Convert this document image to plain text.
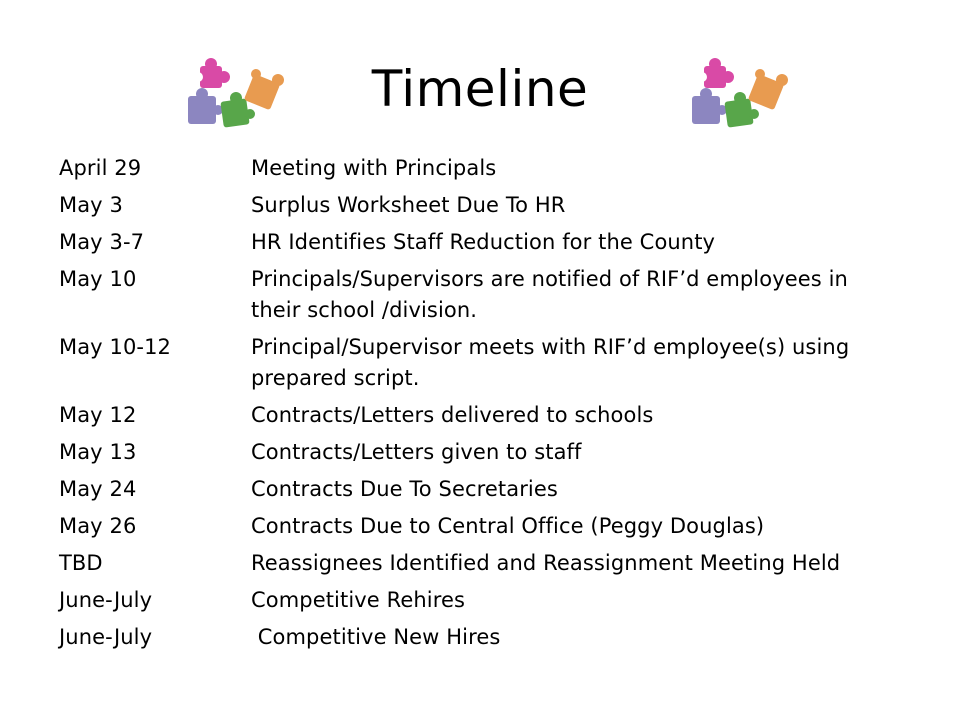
Timeline
April 29	Meeting with Principals
May 3	Surplus Worksheet Due To HR
May 3-7	HR Identifies Staff Reduction for the County
May 10	Principals/Supervisors are notified of RIF’d employees in their school /division.
May 10-12	Principal/Supervisor meets with RIF’d employee(s) using prepared script.
May 12	Contracts/Letters delivered to schools
May 13	Contracts/Letters given to staff
May 24	Contracts Due To Secretaries
May 26	Contracts Due to Central Office (Peggy Douglas)
TBD	Reassignees Identified and Reassignment Meeting Held
June-July	Competitive Rehires
June-July	Competitive New Hires
